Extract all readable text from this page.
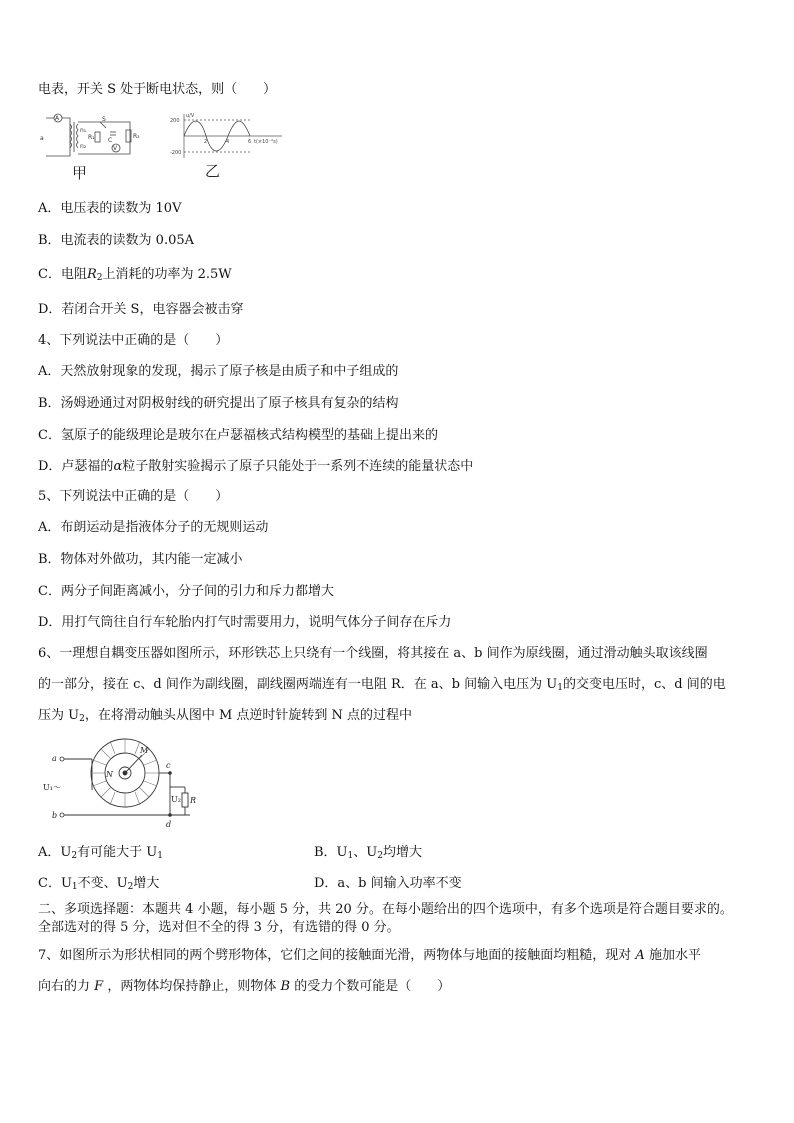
电表，开关 S 处于断电状态，则（　　）
A
a
n₁
n₂
S
R₁ C
R₃
V
200
-200
u/V
2	4	6 t(×10⁻²s)
甲	乙
A．电压表的读数为 10V
B．电流表的读数为 0.05A
C．电阻$R_2$上消耗的功率为 2.5W
D．若闭合开关 S，电容器会被击穿
4、下列说法中正确的是（　　）
A．天然放射现象的发现，揭示了原子核是由质子和中子组成的
B．汤姆逊通过对阴极射线的研究提出了原子核具有复杂的结构
C．氢原子的能级理论是玻尔在卢瑟福核式结构模型的基础上提出来的
D．卢瑟福的α粒子散射实验揭示了原子只能处于一系列不连续的能量状态中
5、下列说法中正确的是（　　）
A．布朗运动是指液体分子的无规则运动
B．物体对外做功，其内能一定减小
C．两分子间距离减小，分子间的引力和斥力都增大
D．用打气筒往自行车轮胎内打气时需要用力，说明气体分子间存在斥力
6、一理想自耦变压器如图所示，环形铁芯上只绕有一个线圈，将其接在 a、b 间作为原线圈，通过滑动触头取该线圈
的一部分，接在 c、d 间作为副线圈，副线圈两端连有一电阻 R．在 a、b 间输入电压为 $U_1$的交变电压时，c、d 间的电
压为 $U_2$，在将滑动触头从图中 M 点逆时针旋转到 N 点的过程中
a
b
U₁～
c
d
M
N
U₂ R
A．$U_2$有可能大于 $U_1$	B．$U_1$、$U_2$均增大
C．$U_1$不变、$U_2$增大	D．a、b 间输入功率不变
二、多项选择题：本题共 4 小题，每小题 5 分，共 20 分。在每小题给出的四个选项中，有多个选项是符合题目要求的。
全部选对的得 5 分，选对但不全的得 3 分，有选错的得 0 分。
7、如图所示为形状相同的两个劈形物体，它们之间的接触面光滑，两物体与地面的接触面均粗糙，现对 A 施加水平
向右的力 F ，两物体均保持静止，则物体 B 的受力个数可能是（　　）
